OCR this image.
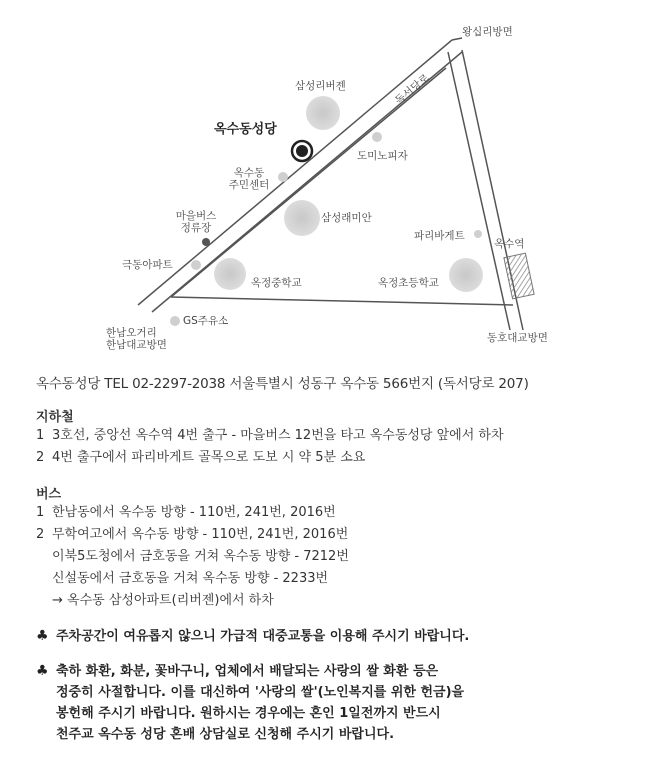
왕십리방면
삼성리버젠
옥수동성당
독서당로
도미노피자
옥수동
주민센터
마을버스
정류장
삼성래미안
파리바게트
옥수역
극동아파트
옥정중학교	옥정초등학교
GS주유소
한남오거리
한남대교방면
동호대교방면
옥수동성당 TEL 02-2297-2038 서울특별시 성동구 옥수동 566번지 (독서당로 207)
지하철
1 3호선, 중앙선 옥수역 4번 출구 - 마을버스 12번을 타고 옥수동성당 앞에서 하차
2 4번 출구에서 파리바게트 골목으로 도보 시 약 5분 소요
버스
1 한남동에서 옥수동 방향 - 110번, 241번, 2016번
2 무학여고에서 옥수동 방향 - 110번, 241번, 2016번
이북5도청에서 금호동을 거쳐 옥수동 방향 - 7212번
신설동에서 금호동을 거쳐 옥수동 방향 - 2233번
→ 옥수동 삼성아파트(리버젠)에서 하차
♣ 주차공간이 여유롭지 않으니 가급적 대중교통을 이용해 주시기 바랍니다.
♣ 축하 화환, 화분, 꽃바구니, 업체에서 배달되는 사랑의 쌀 화환 등은
정중히 사절합니다. 이를 대신하여 '사랑의 쌀'(노인복지를 위한 헌금)을
봉헌해 주시기 바랍니다. 원하시는 경우에는 혼인 1일전까지 반드시
천주교 옥수동 성당 혼배 상담실로 신청해 주시기 바랍니다.
